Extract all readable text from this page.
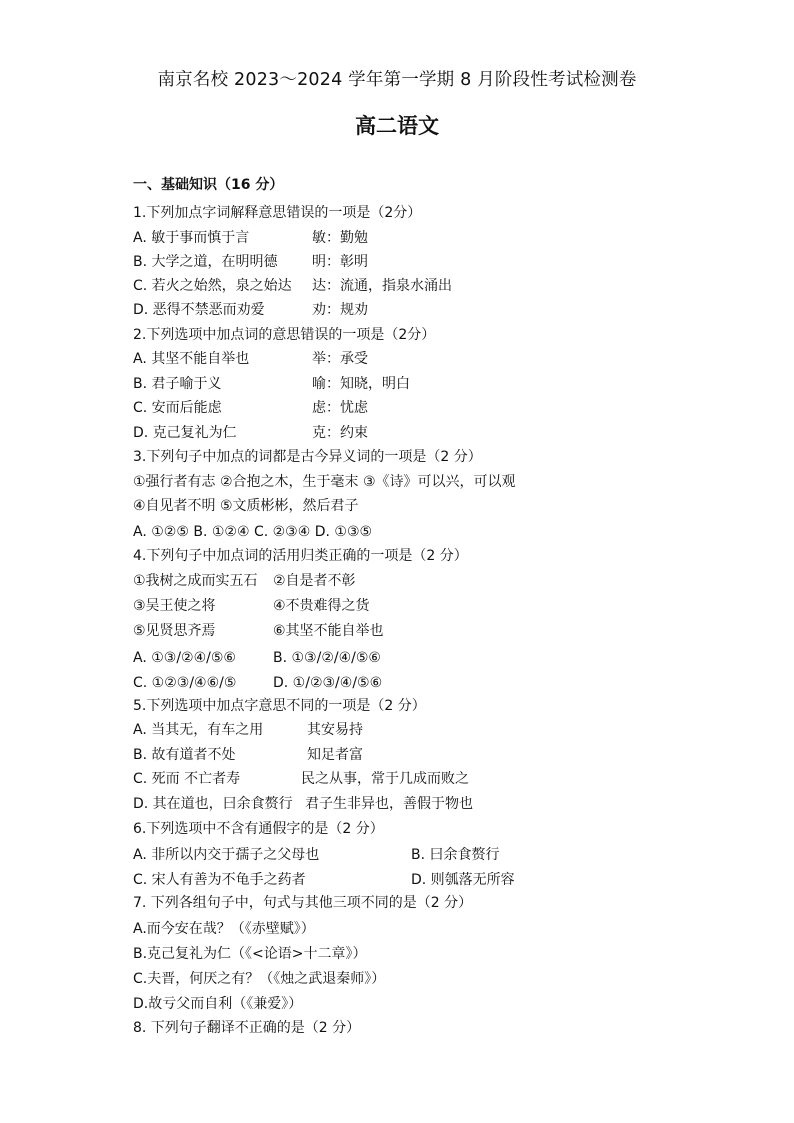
南京名校 2023～2024 学年第一学期 8 月阶段性考试检测卷
高二语文
一、基础知识（16 分）
1.下列加点字词解释意思错误的一项是（2分）
A. 敏于事而慎于言	敏：勤勉
B. 大学之道，在明明德 明：彰明
C. 若火之始然，泉之始达 达：流通，指泉水涌出
D. 恶得不禁恶而劝爱	劝：规劝
2.下列选项中加点词的意思错误的一项是（2分）
A. 其坚不能自举也	举：承受
B. 君子喻于义	喻：知晓，明白
C. 安而后能虑	虑：忧虑
D. 克己复礼为仁	克：约束
3.下列句子中加点的词都是古今异义词的一项是（2 分）
①强行者有志 ②合抱之木，生于毫末 ③《诗》可以兴，可以观
④自见者不明 ⑤文质彬彬，然后君子
A. ①②⑤ B. ①②④ C. ②③④ D. ①③⑤
4.下列句子中加点词的活用归类正确的一项是（2 分）
①我树之成而实五石 ②自是者不彰
③吴王使之将	④不贵难得之货
⑤见贤思齐焉	⑥其坚不能自举也
A. ①③/②④/⑤⑥	B. ①③/②/④/⑤⑥
C. ①②③/④⑥/⑤	D. ①/②③/④/⑤⑥
5.下列选项中加点字意思不同的一项是（2 分）
A. 当其无，有车之用	其安易持
B. 故有道者不处	知足者富
C. 死而 不亡者寿	民之从事，常于几成而败之
D. 其在道也，曰余食赘行 君子生非异也，善假于物也
6.下列选项中不含有通假字的是（2 分）
A. 非所以内交于孺子之父母也	B. 曰余食赘行
C. 宋人有善为不龟手之药者	D. 则瓠落无所容
7. 下列各组句子中，句式与其他三项不同的是（2 分）
A.而今安在哉？（《赤壁赋》）
B.克己复礼为仁（《<论语>十二章》）
C.夫晋，何厌之有？（《烛之武退秦师》）
D.故亏父而自利（《兼爱》）
8. 下列句子翻译不正确的是（2 分）
